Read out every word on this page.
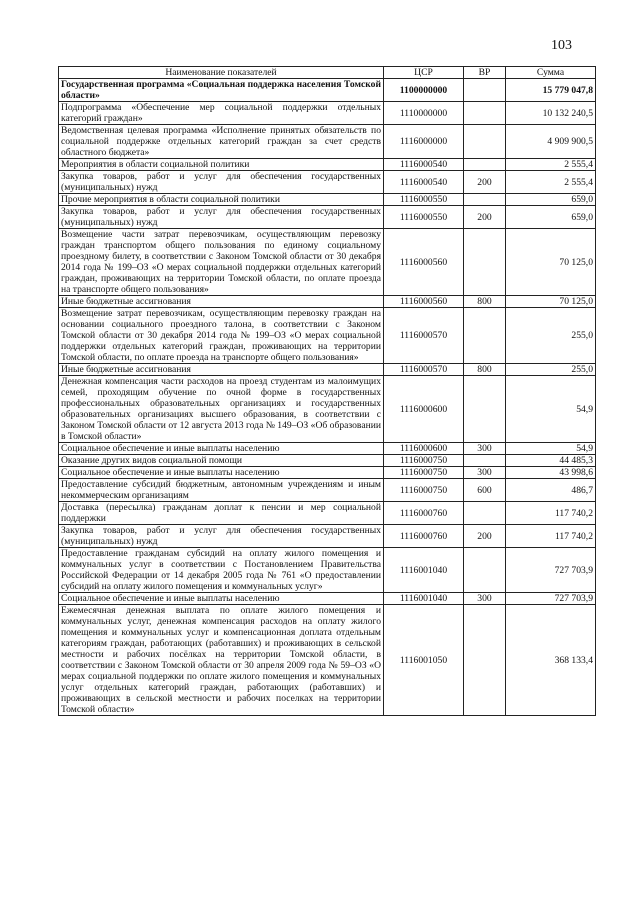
103
Наименование показателей	ЦСР	ВР	Сумма
Государственная программа «Социальная поддержка населения Томской области»	1100000000		15 779 047,8
Подпрограмма «Обеспечение мер социальной поддержки отдельных категорий граждан»	1110000000		10 132 240,5
Ведомственная целевая программа «Исполнение принятых обязательств по социальной поддержке отдельных категорий граждан за счет средств областного бюджета»	1116000000		4 909 900,5
Мероприятия в области социальной политики	1116000540		2 555,4
Закупка товаров, работ и услуг для обеспечения государственных (муниципальных) нужд	1116000540	200	2 555,4
Прочие мероприятия в области социальной политики	1116000550		659,0
Закупка товаров, работ и услуг для обеспечения государственных (муниципальных) нужд	1116000550	200	659,0
Возмещение части затрат перевозчикам, осуществляющим перевозку граждан транспортом общего пользования по единому социальному проездному билету, в соответствии с Законом Томской области от 30 декабря 2014 года № 199–ОЗ «О мерах социальной поддержки отдельных категорий граждан, проживающих на территории Томской области, по оплате проезда на транспорте общего пользования»	1116000560		70 125,0
Иные бюджетные ассигнования	1116000560	800	70 125,0
Возмещение затрат перевозчикам, осуществляющим перевозку граждан на основании социального проездного талона, в соответствии с Законом Томской области от 30 декабря 2014 года № 199–ОЗ «О мерах социальной поддержки отдельных категорий граждан, проживающих на территории Томской области, по оплате проезда на транспорте общего пользования»	1116000570		255,0
Иные бюджетные ассигнования	1116000570	800	255,0
Денежная компенсация части расходов на проезд студентам из малоимущих семей, проходящим обучение по очной форме в государственных профессиональных образовательных организациях и государственных образовательных организациях высшего образования, в соответствии с Законом Томской области от 12 августа 2013 года № 149–ОЗ «Об образовании в Томской области»	1116000600		54,9
Социальное обеспечение и иные выплаты населению	1116000600	300	54,9
Оказание других видов социальной помощи	1116000750		44 485,3
Социальное обеспечение и иные выплаты населению	1116000750	300	43 998,6
Предоставление субсидий бюджетным, автономным учреждениям и иным некоммерческим организациям	1116000750	600	486,7
Доставка (пересылка) гражданам доплат к пенсии и мер социальной поддержки	1116000760		117 740,2
Закупка товаров, работ и услуг для обеспечения государственных (муниципальных) нужд	1116000760	200	117 740,2
Предоставление гражданам субсидий на оплату жилого помещения и коммунальных услуг в соответствии с Постановлением Правительства Российской Федерации от 14 декабря 2005 года № 761 «О предоставлении субсидий на оплату жилого помещения и коммунальных услуг»	1116001040		727 703,9
Социальное обеспечение и иные выплаты населению	1116001040	300	727 703,9
Ежемесячная денежная выплата по оплате жилого помещения и коммунальных услуг, денежная компенсация расходов на оплату жилого помещения и коммунальных услуг и компенсационная доплата отдельным категориям граждан, работающих (работавших) и проживающих в сельской местности и рабочих посёлках на территории Томской области, в соответствии с Законом Томской области от 30 апреля 2009 года № 59–ОЗ «О мерах социальной поддержки по оплате жилого помещения и коммунальных услуг отдельных категорий граждан, работающих (работавших) и проживающих в сельской местности и рабочих поселках на территории Томской области»	1116001050		368 133,4
